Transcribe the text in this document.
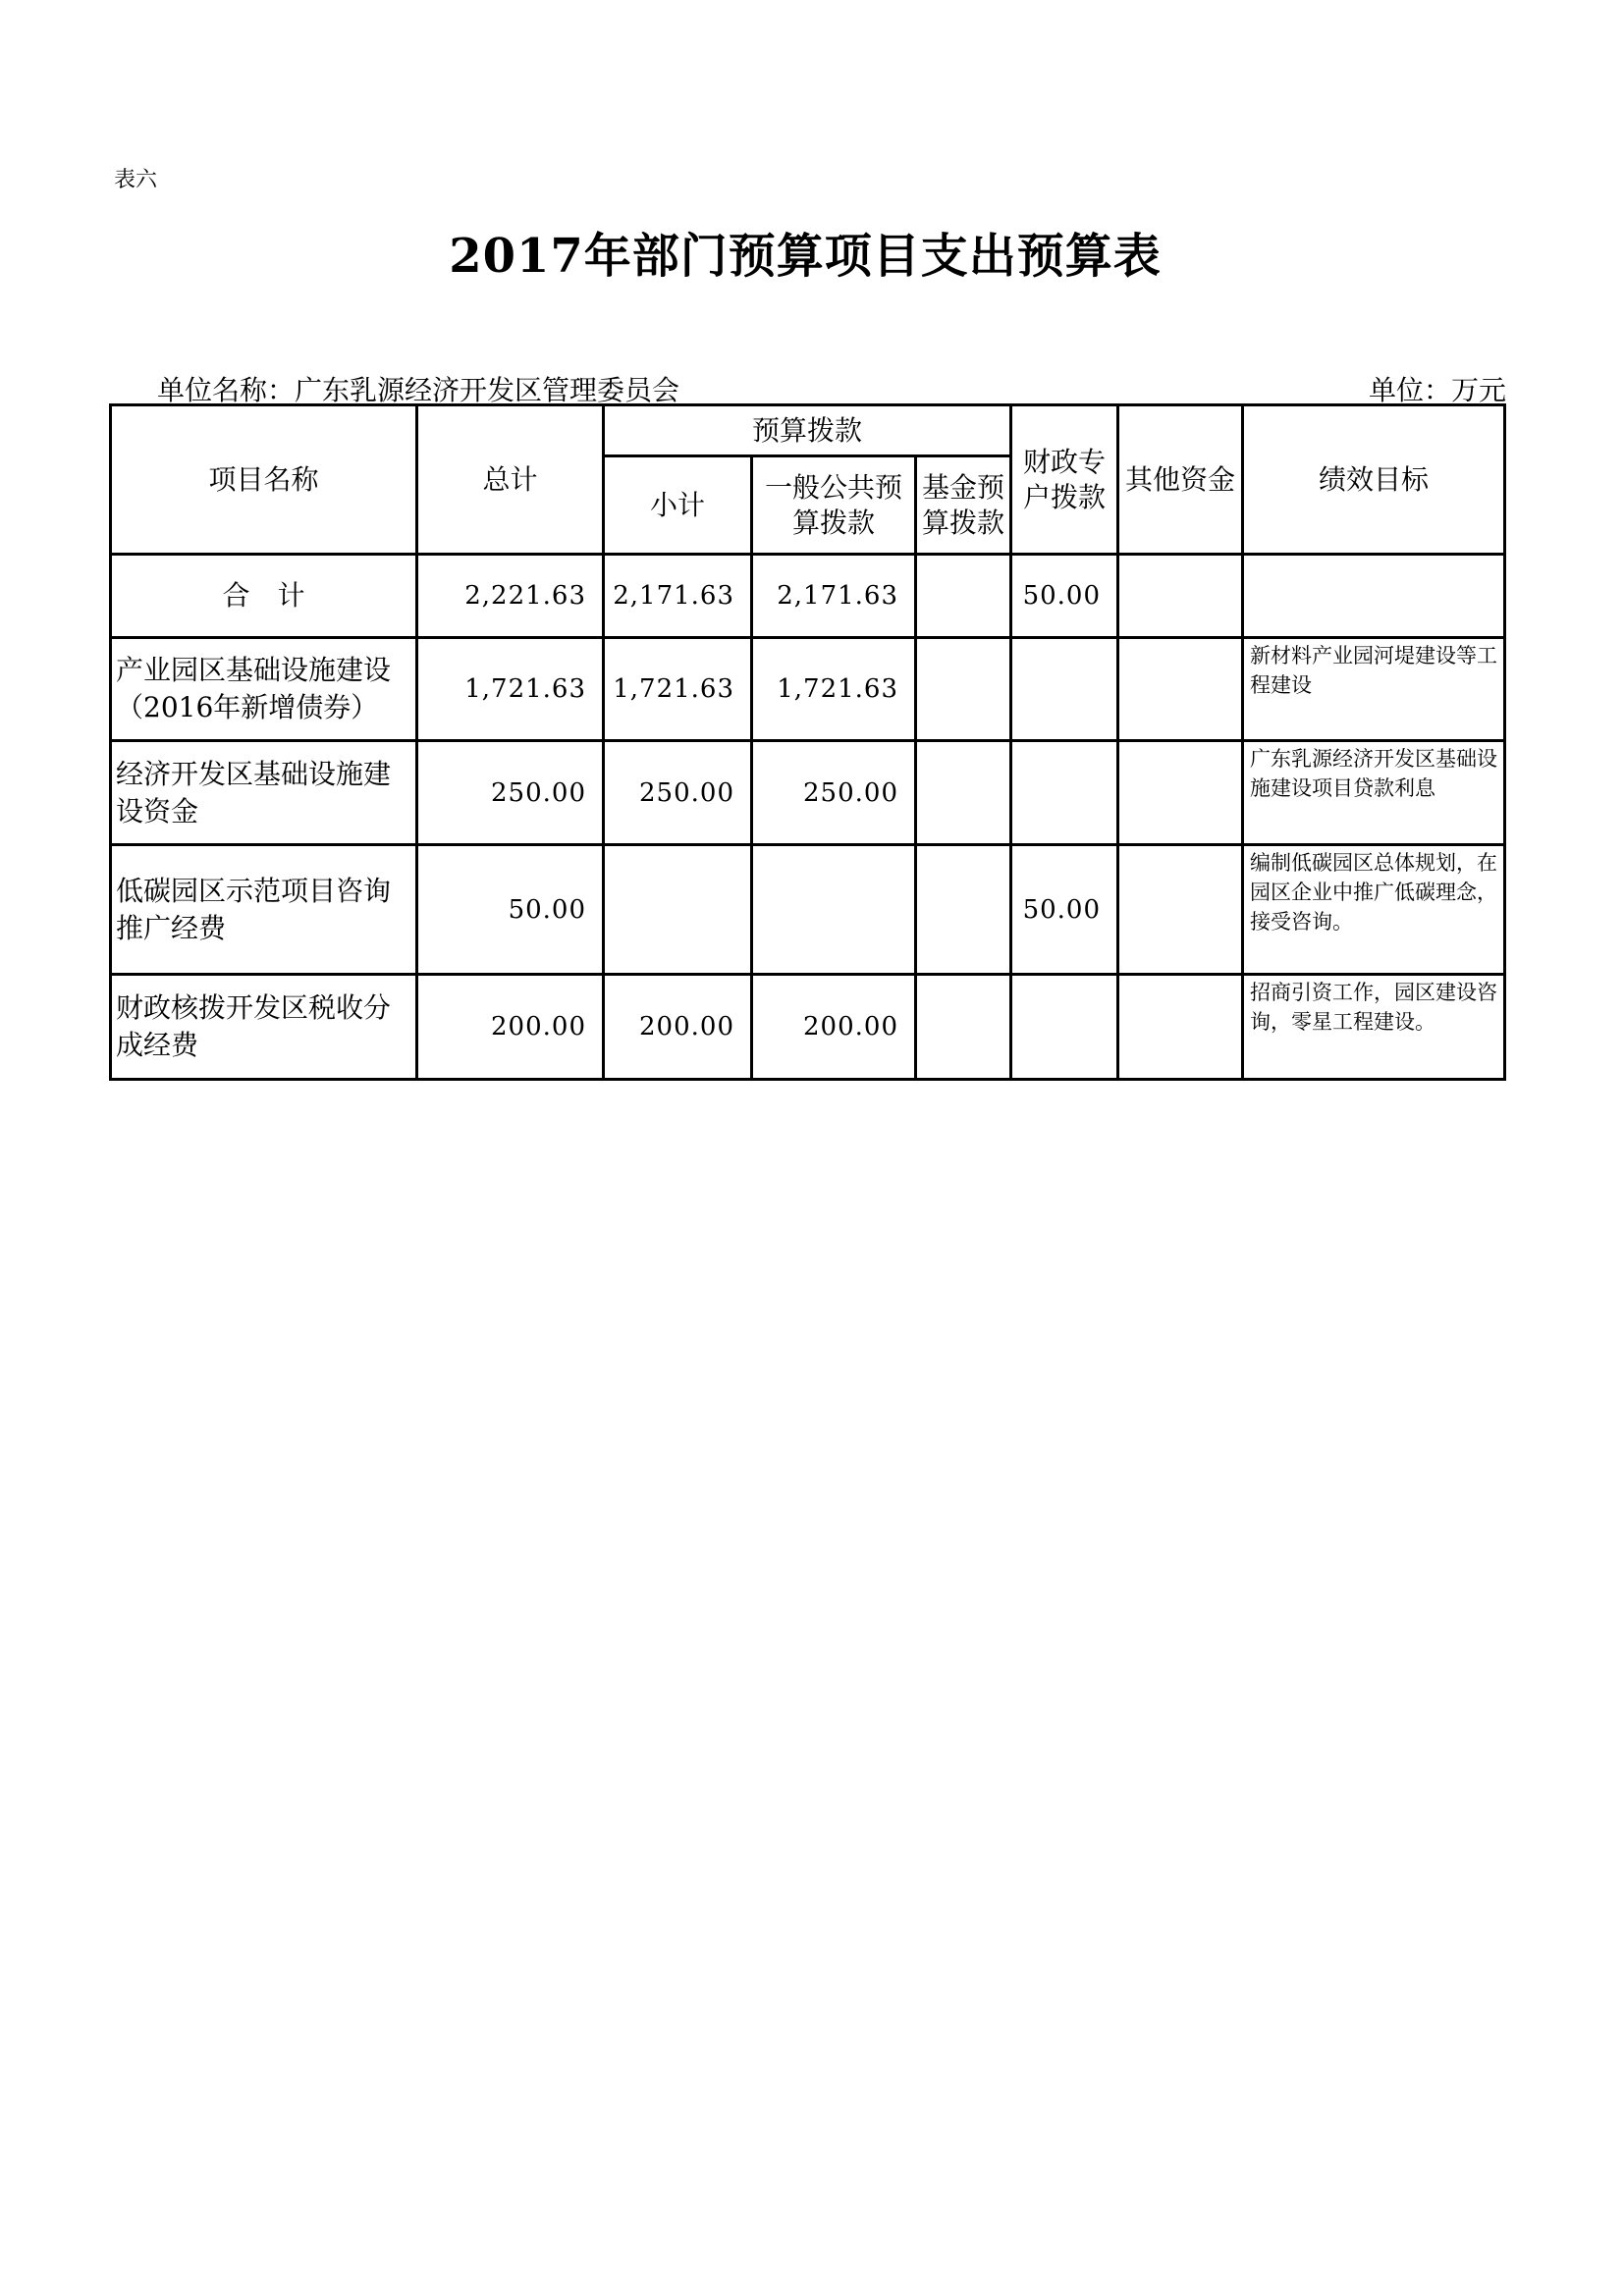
表六
2017年部门预算项目支出预算表
单位名称：广东乳源经济开发区管理委员会	单位：万元
项目名称	总计	预算拨款			财政专户拨款	其他资金	绩效目标
		小计	一般公共预算拨款	基金预算拨款			
合　计	2,221.63	2,171.63	2,171.63		50.00		
产业园区基础设施建设（2016年新增债券）	1,721.63	1,721.63	1,721.63				新材料产业园河堤建设等工程建设
经济开发区基础设施建设资金	250.00	250.00	250.00				广东乳源经济开发区基础设施建设项目贷款利息
低碳园区示范项目咨询推广经费	50.00				50.00		编制低碳园区总体规划，在园区企业中推广低碳理念，接受咨询。
财政核拨开发区税收分成经费	200.00	200.00	200.00				招商引资工作，园区建设咨询，零星工程建设。
